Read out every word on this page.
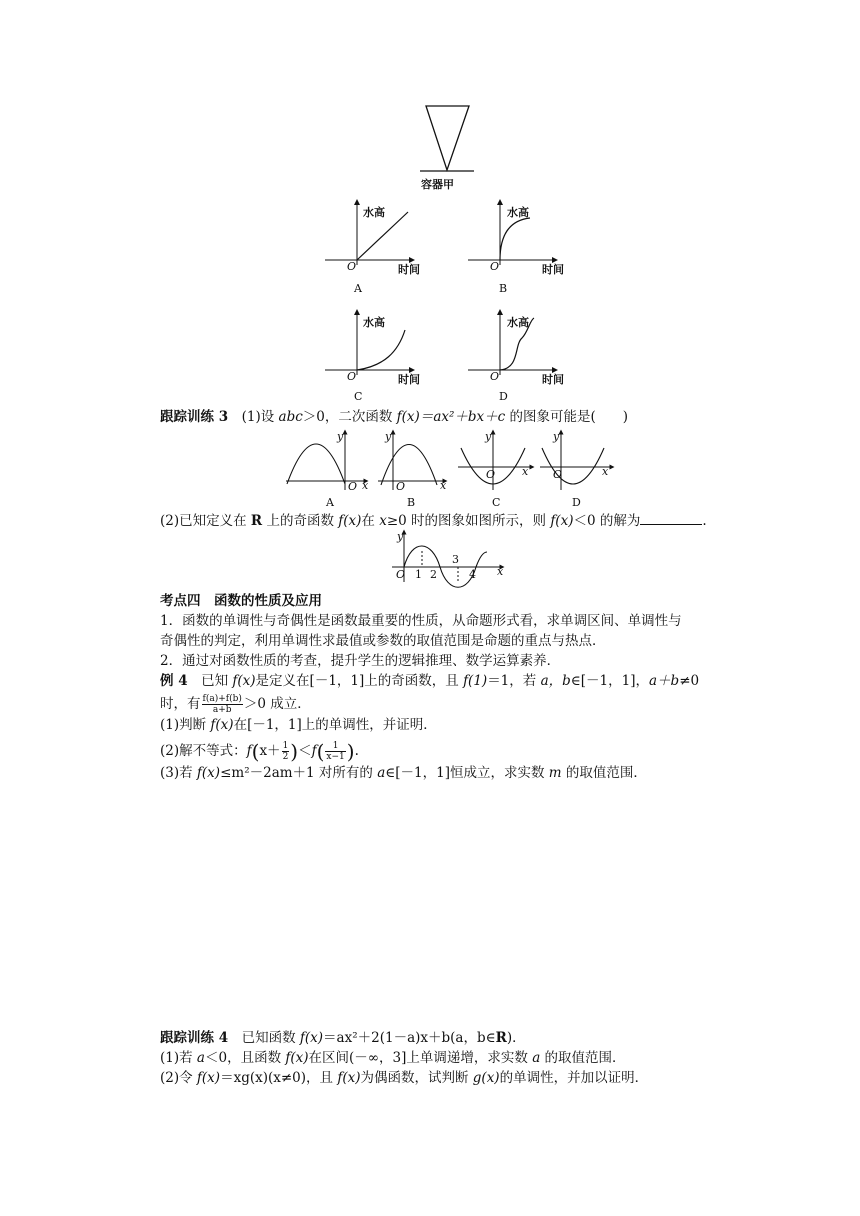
容器甲
水高	水高
水高	水高
时间	时间
时间	时间
O	O
O	O
A	B
C	D
跟踪训练 3　 (1)设 abc＞0，二次函数 f(x)＝ax²＋bx＋c 的图象可能是(　　)
y	y	y	y
x	x
x	x
O	O
O	O
A	B	C	D
(2)已知定义在 R 上的奇函数 f(x)在 x≥0 时的图象如图所示，则 f(x)＜0 的解为	.
y
O	x
1 2
3
4
考点四　函数的性质及应用
1．函数的单调性与奇偶性是函数最重要的性质，从命题形式看，求单调区间、单调性与
奇偶性的判定，利用单调性求最值或参数的取值范围是命题的重点与热点．
2．通过对函数性质的考查，提升学生的逻辑推理、数学运算素养．
例 4　已知 f(x)是定义在[－1，1]上的奇函数，且 f(1)＝1，若 a，b∈[－1，1]，a＋b≠0
时，有 $\frac{f(a)+f(b)}{a+b} >0$ 成立．
(1)判断 f(x)在[－1，1]上的单调性，并证明．
(2)解不等式：$f(x+ \frac{1}{2} )<f( \frac{1}{x-1}$ ).
(3)若 f(x)≤m²－2am＋1 对所有的 a∈[－1，1]恒成立，求实数 m 的取值范围．
跟踪训练 4　已知函数 f(x)＝ax²＋2(1－a)x＋b(a，b∈R)．
(1)若 a＜0，且函数 f(x)在区间(－∞，3]上单调递增，求实数 a 的取值范围．
(2)令 f(x)＝xg(x)(x≠0)，且 f(x)为偶函数，试判断 g(x)的单调性，并加以证明．
